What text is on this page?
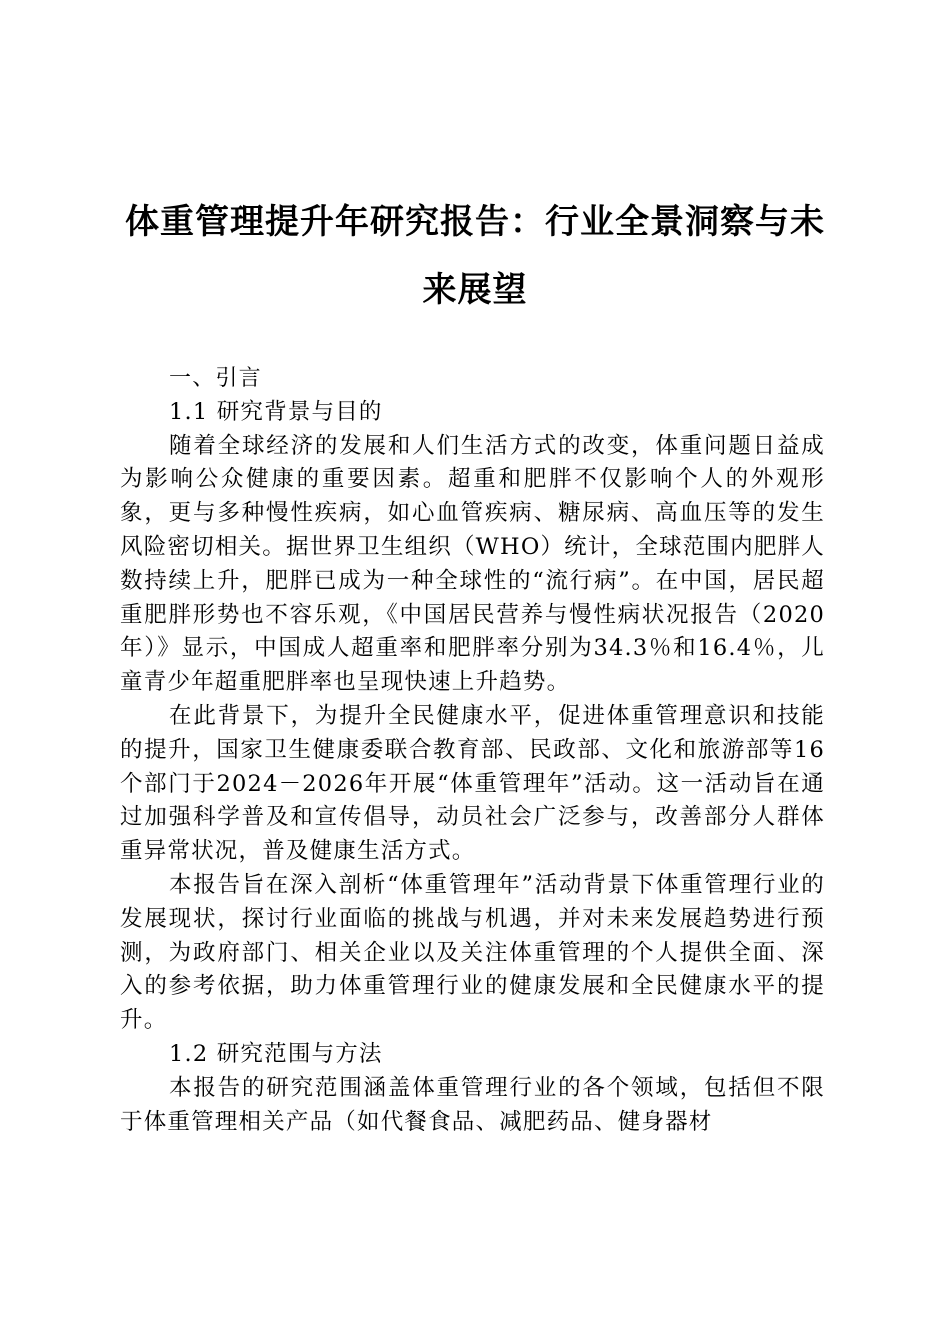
体重管理提升年研究报告：行业全景洞察与未来展望

一、引言

1.1 研究背景与目的

随着全球经济的发展和人们生活方式的改变，体重问题日益成为影响公众健康的重要因素。超重和肥胖不仅影响个人的外观形象，更与多种慢性疾病，如心血管疾病、糖尿病、高血压等的发生风险密切相关。据世界卫生组织（WHO）统计，全球范围内肥胖人数持续上升，肥胖已成为一种全球性的“流行病”。在中国，居民超重肥胖形势也不容乐观，《中国居民营养与慢性病状况报告（2020年）》显示，中国成人超重率和肥胖率分别为34.3％和16.4％，儿童青少年超重肥胖率也呈现快速上升趋势。

在此背景下，为提升全民健康水平，促进体重管理意识和技能的提升，国家卫生健康委联合教育部、民政部、文化和旅游部等16个部门于2024－2026年开展“体重管理年”活动。这一活动旨在通过加强科学普及和宣传倡导，动员社会广泛参与，改善部分人群体重异常状况，普及健康生活方式。

本报告旨在深入剖析“体重管理年”活动背景下体重管理行业的发展现状，探讨行业面临的挑战与机遇，并对未来发展趋势进行预测，为政府部门、相关企业以及关注体重管理的个人提供全面、深入的参考依据，助力体重管理行业的健康发展和全民健康水平的提升。

1.2 研究范围与方法

本报告的研究范围涵盖体重管理行业的各个领域，包括但不限于体重管理相关产品（如代餐食品、减肥药品、健身器材
